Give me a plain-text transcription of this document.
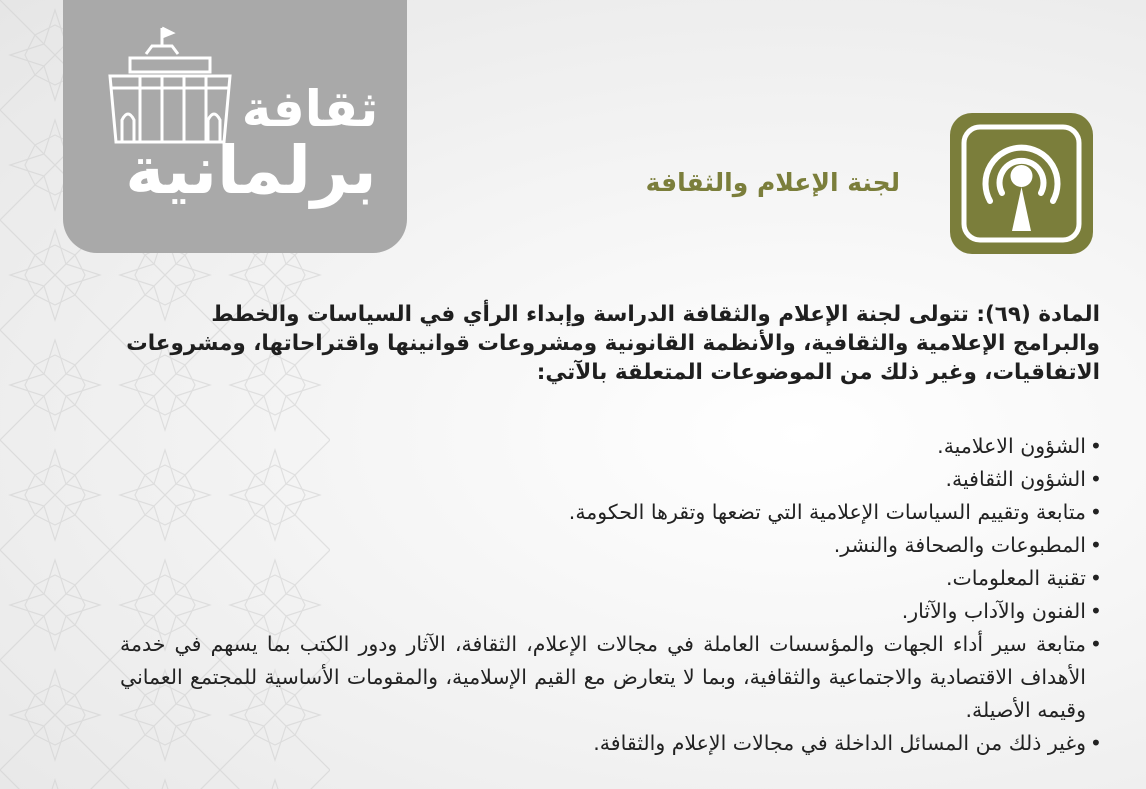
ثقافة
برلمانية	لجنة الإعلام والثقافة
المادة (٦٩): تتولى لجنة الإعلام والثقافة الدراسة وإبداء الرأي في السياسات والخطط والبرامج الإعلامية والثقافية، والأنظمة القانونية ومشروعات قوانينها واقتراحاتها، ومشروعات الاتفاقيات، وغير ذلك من الموضوعات المتعلقة بالآتي:
•
الشؤون الاعلامية.
•
الشؤون الثقافية.
•
متابعة وتقييم السياسات الإعلامية التي تضعها وتقرها الحكومة.
•
المطبوعات والصحافة والنشر.
•
تقنية المعلومات.
•
الفنون والآداب والآثار.
•
متابعة سير أداء الجهات والمؤسسات العاملة في مجالات الإعلام، الثقافة، الآثار ودور الكتب بما يسهم في خدمة الأهداف الاقتصادية والاجتماعية والثقافية، وبما لا يتعارض مع القيم الإسلامية، والمقومات الأساسية للمجتمع العماني وقيمه الأصيلة.
•
وغير ذلك من المسائل الداخلة في مجالات الإعلام والثقافة.
